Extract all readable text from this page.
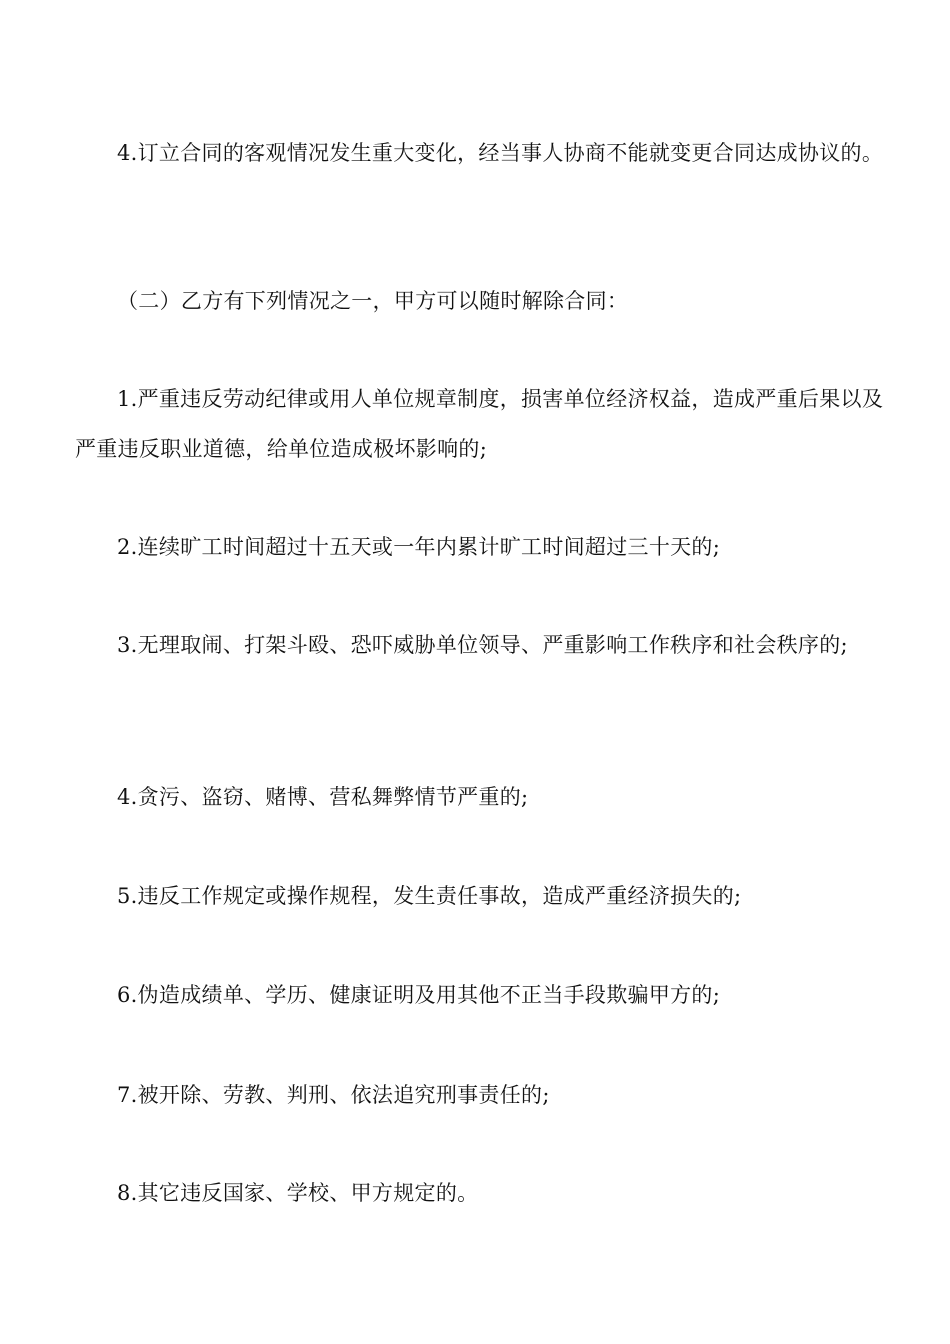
4.订立合同的客观情况发生重大变化，经当事人协商不能就变更合同达成协议的。

（二）乙方有下列情况之一，甲方可以随时解除合同：

1.严重违反劳动纪律或用人单位规章制度，损害单位经济权益，造成严重后果以及严重违反职业道德，给单位造成极坏影响的;

2.连续旷工时间超过十五天或一年内累计旷工时间超过三十天的;

3.无理取闹、打架斗殴、恐吓威胁单位领导、严重影响工作秩序和社会秩序的;

4.贪污、盗窃、赌博、营私舞弊情节严重的;

5.违反工作规定或操作规程，发生责任事故，造成严重经济损失的;

6.伪造成绩单、学历、健康证明及用其他不正当手段欺骗甲方的;

7.被开除、劳教、判刑、依法追究刑事责任的;

8.其它违反国家、学校、甲方规定的。
